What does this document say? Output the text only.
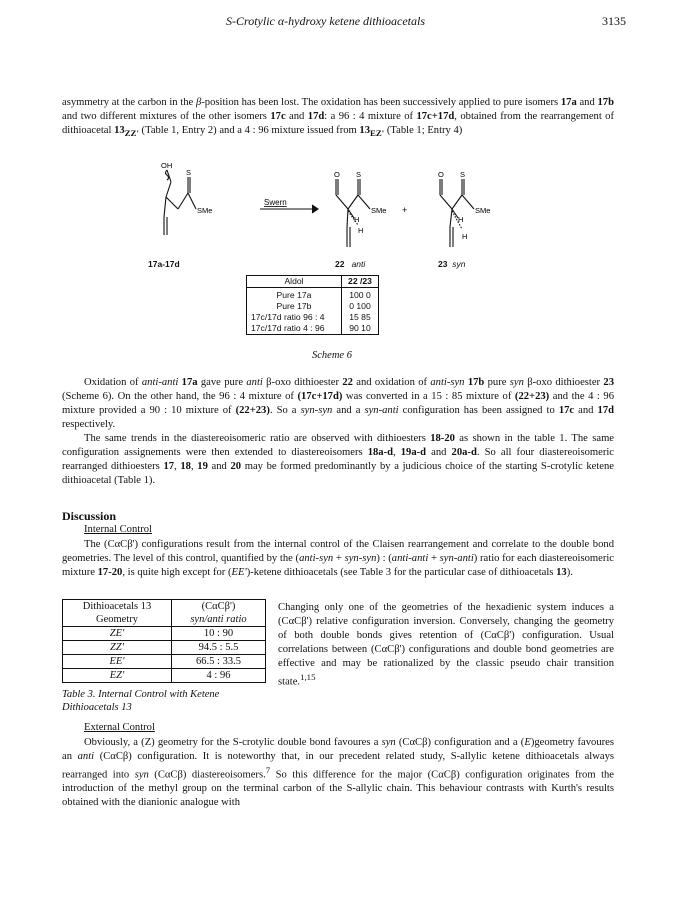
S-Crotylic α-hydroxy ketene dithioacetals	3135

asymmetry at the carbon in the β-position has been lost. The oxidation has been successively applied to pure isomers 17a and 17b and two different mixtures of the other isomers 17c and 17d: a 96 : 4 mixture of 17c+17d, obtained from the rearrangement of dithioacetal $13_{ZZ'}$ (Table 1, Entry 2) and a 4 : 96 mixture issued from $13_{EZ'}$ (Table 1; Entry 4)

OH
S
SMe
Swern
O S
SMe
H
H
+
O S
SMe
H
H
17a-17d	22 anti	23 syn
Aldol	22 /23
Pure 17a	100 0
Pure 17b	0 100
17c/17d ratio 96 : 4	15 85
17c/17d ratio 4 : 96	90 10
Scheme 6

Oxidation of anti-anti 17a gave pure anti β-oxo dithioester 22 and oxidation of anti-syn 17b pure syn β-oxo dithioester 23 (Scheme 6). On the other hand, the 96 : 4 mixture of (17c+17d) was converted in a 15 : 85 mixture of (22+23) and the 4 : 96 mixture provided a 90 : 10 mixture of (22+23). So a syn-syn and a syn-anti configuration has been assigned to 17c and 17d respectively.

The same trends in the diastereoisomeric ratio are observed with dithioesters 18-20 as shown in the table 1. The same configuration assignements were then extended to diastereoisomers 18a-d, 19a-d and 20a-d. So all four diastereoisomeric rearranged dithioesters 17, 18, 19 and 20 may be formed predominantly by a judicious choice of the starting S-crotylic ketene dithioacetal (Table 1).

Discussion
Internal Control

The (CαCβ') configurations result from the internal control of the Claisen rearrangement and correlate to the double bond geometries. The level of this control, quantified by the (anti-syn + syn-syn) : (anti-anti + syn-anti) ratio for each diastereoisomeric mixture 17-20, is quite high except for (EE')-ketene dithioacetals (see Table 3 for the particular case of dithioacetals 13).

Dithioacetals 13	(CαCβ')
Geometry	syn/anti ratio
ZE'	10 : 90
ZZ'	94.5 : 5.5
EE'	66.5 : 33.5
EZ'	4 : 96
Table 3. Internal Control with Ketene
Dithioacetals 13

Changing only one of the geometries of the hexadienic system induces a (CαCβ') relative configuration inversion. Conversely, changing the geometry of both double bonds gives retention of (CαCβ') configuration. Usual correlations between (CαCβ') configurations and double bond geometries are effective and may be rationalized by the classic pseudo chair transition state.$^{1,15}$

External Control

Obviously, a (Z) geometry for the S-crotylic double bond favoures a syn (CαCβ) configuration and a (E)geometry favoures an anti (CαCβ) configuration. It is noteworthy that, in our precedent related study, S-allylic ketene dithioacetals always rearranged into syn (CαCβ) diastereoisomers.$^7$ So this difference for the major (CαCβ) configuration originates from the introduction of the methyl group on the terminal carbon of the S-allylic chain. This behaviour contrasts with Kurth's results obtained with the dianionic analogue with
